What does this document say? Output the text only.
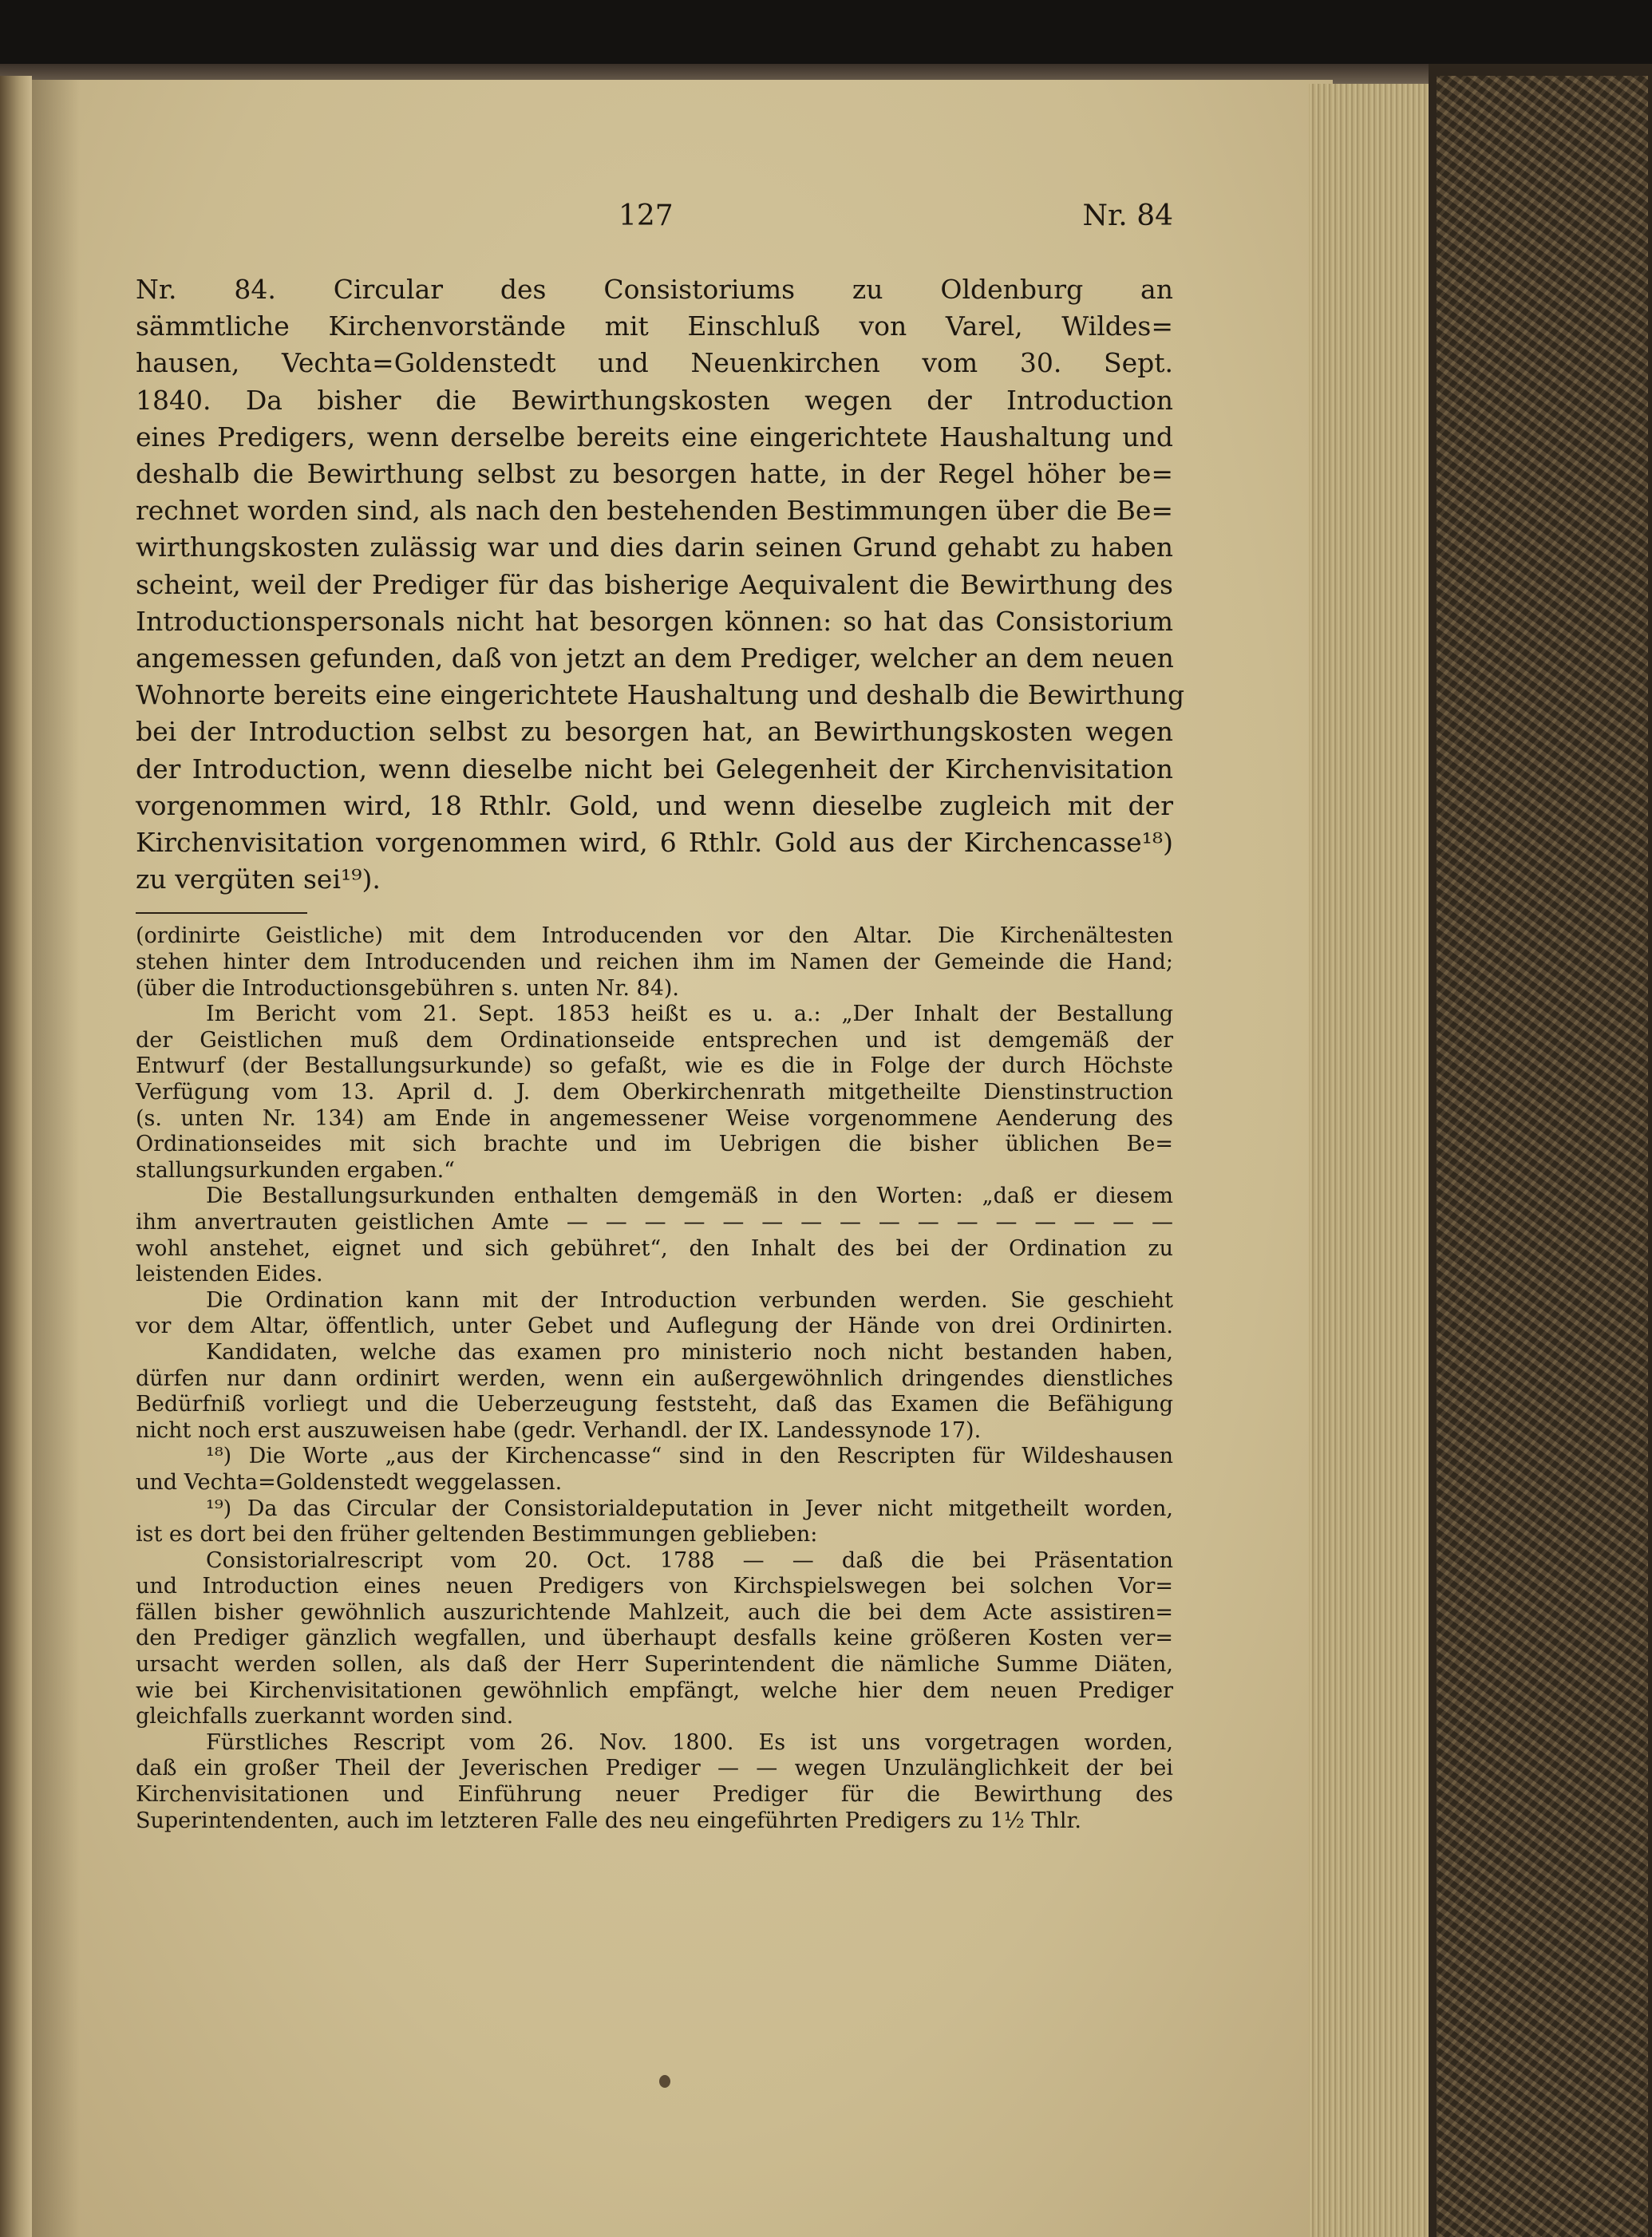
127	Nr. 84
Nr. 84. Circular des Consistoriums zu Oldenburg an
sämmtliche Kirchenvorstände mit Einschluß von Varel, Wildes=
hausen, Vechta=Goldenstedt und Neuenkirchen vom 30. Sept.
1840. Da bisher die Bewirthungskosten wegen der Introduction
eines Predigers, wenn derselbe bereits eine eingerichtete Haushaltung und
deshalb die Bewirthung selbst zu besorgen hatte, in der Regel höher be=
rechnet worden sind, als nach den bestehenden Bestimmungen über die Be=
wirthungskosten zulässig war und dies darin seinen Grund gehabt zu haben
scheint, weil der Prediger für das bisherige Aequivalent die Bewirthung des
Introductionspersonals nicht hat besorgen können: so hat das Consistorium
angemessen gefunden, daß von jetzt an dem Prediger, welcher an dem neuen
Wohnorte bereits eine eingerichtete Haushaltung und deshalb die Bewirthung
bei der Introduction selbst zu besorgen hat, an Bewirthungskosten wegen
der Introduction, wenn dieselbe nicht bei Gelegenheit der Kirchenvisitation
vorgenommen wird, 18 Rthlr. Gold, und wenn dieselbe zugleich mit der
Kirchenvisitation vorgenommen wird, 6 Rthlr. Gold aus der Kirchencasse¹⁸)
zu vergüten sei¹⁹).
(ordinirte Geistliche) mit dem Introducenden vor den Altar. Die Kirchenältesten
stehen hinter dem Introducenden und reichen ihm im Namen der Gemeinde die Hand;
(über die Introductionsgebühren s. unten Nr. 84).
Im Bericht vom 21. Sept. 1853 heißt es u. a.: „Der Inhalt der Bestallung
der Geistlichen muß dem Ordinationseide entsprechen und ist demgemäß der
Entwurf (der Bestallungsurkunde) so gefaßt, wie es die in Folge der durch Höchste
Verfügung vom 13. April d. J. dem Oberkirchenrath mitgetheilte Dienstinstruction
(s. unten Nr. 134) am Ende in angemessener Weise vorgenommene Aenderung des
Ordinationseides mit sich brachte und im Uebrigen die bisher üblichen Be=
stallungsurkunden ergaben.“
Die Bestallungsurkunden enthalten demgemäß in den Worten: „daß er diesem
ihm anvertrauten geistlichen Amte — — — — — — — — — — — — — — — —
wohl anstehet, eignet und sich gebühret“, den Inhalt des bei der Ordination zu
leistenden Eides.
Die Ordination kann mit der Introduction verbunden werden. Sie geschieht
vor dem Altar, öffentlich, unter Gebet und Auflegung der Hände von drei Ordinirten.
Kandidaten, welche das examen pro ministerio noch nicht bestanden haben,
dürfen nur dann ordinirt werden, wenn ein außergewöhnlich dringendes dienstliches
Bedürfniß vorliegt und die Ueberzeugung feststeht, daß das Examen die Befähigung
nicht noch erst auszuweisen habe (gedr. Verhandl. der IX. Landessynode 17).
¹⁸) Die Worte „aus der Kirchencasse“ sind in den Rescripten für Wildeshausen
und Vechta=Goldenstedt weggelassen.
¹⁹) Da das Circular der Consistorialdeputation in Jever nicht mitgetheilt worden,
ist es dort bei den früher geltenden Bestimmungen geblieben:
Consistorialrescript vom 20. Oct. 1788 — — daß die bei Präsentation
und Introduction eines neuen Predigers von Kirchspielswegen bei solchen Vor=
fällen bisher gewöhnlich auszurichtende Mahlzeit, auch die bei dem Acte assistiren=
den Prediger gänzlich wegfallen, und überhaupt desfalls keine größeren Kosten ver=
ursacht werden sollen, als daß der Herr Superintendent die nämliche Summe Diäten,
wie bei Kirchenvisitationen gewöhnlich empfängt, welche hier dem neuen Prediger
gleichfalls zuerkannt worden sind.
Fürstliches Rescript vom 26. Nov. 1800. Es ist uns vorgetragen worden,
daß ein großer Theil der Jeverischen Prediger — — wegen Unzulänglichkeit der bei
Kirchenvisitationen und Einführung neuer Prediger für die Bewirthung des
Superintendenten, auch im letzteren Falle des neu eingeführten Predigers zu 1½ Thlr.
